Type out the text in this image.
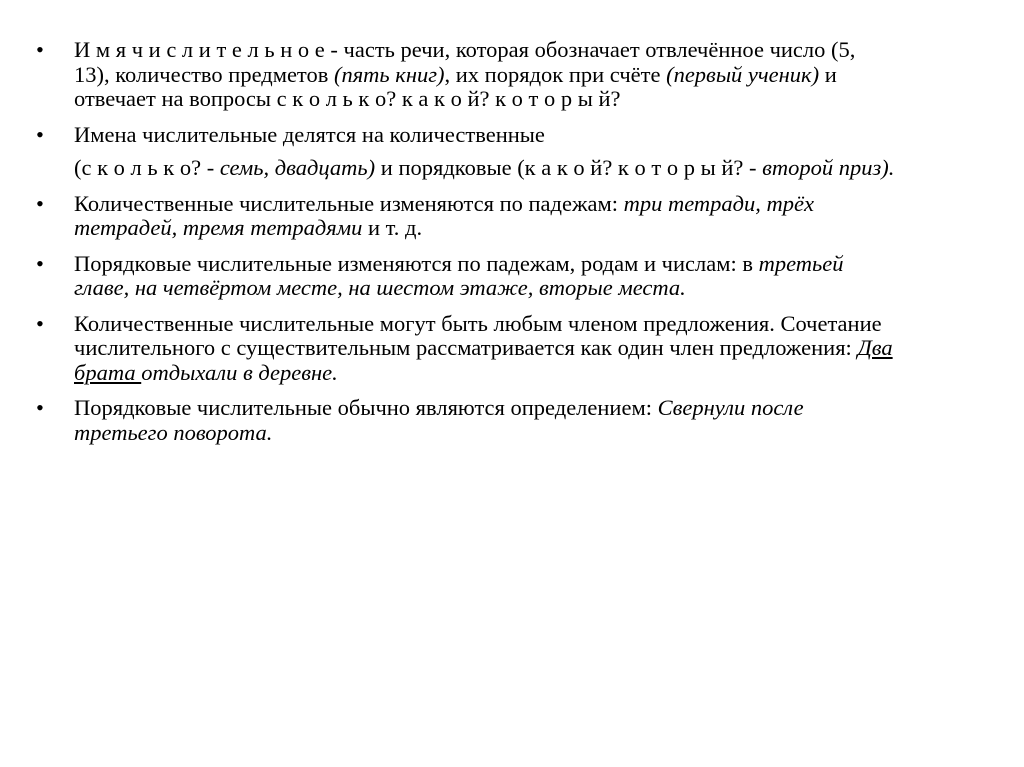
•	И м я ч и с л и т е л ь н о е - часть речи, которая обозначает отвлечённое число (5, 13), количество предметов (пять книг), их порядок при счёте (первый ученик) и отвечает на вопросы с к о л ь к о? к а к о й? к о т о р ы й?
•	Имена числительные делятся на количественные
(с к о л ь к о? - семь, двадцать) и порядковые (к а к о й? к о т о р ы й? - второй приз).
•	Количественные числительные изменяются по падежам: три тетради, трёх тетрадей, тремя тетрадями и т. д.
•	Порядковые числительные изменяются по падежам, родам и числам: в третьей главе, на четвёртом месте, на шестом этаже, вторые места.
•	Количественные числительные могут быть любым членом предложения. Сочетание числительного с существительным рассматривается как один член предложения: Два брата отдыхали в деревне.
•	Порядковые числительные обычно являются определением: Свернули после третьего поворота.
